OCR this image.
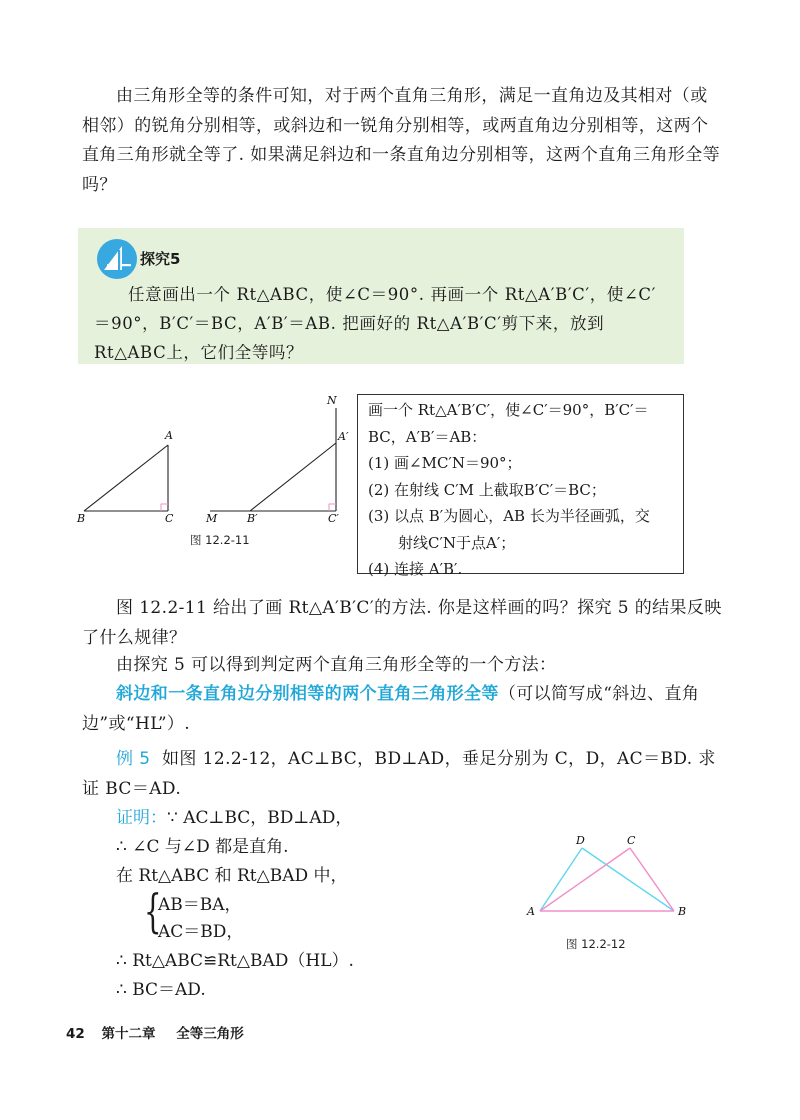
由三角形全等的条件可知，对于两个直角三角形，满足一直角边及其相对（或相邻）的锐角分别相等，或斜边和一锐角分别相等，或两直角边分别相等，这两个直角三角形就全等了. 如果满足斜边和一条直角边分别相等，这两个直角三角形全等吗？
探究5
任意画出一个 Rt△ABC，使∠C＝90°. 再画一个 Rt△A′B′C′，使∠C′＝90°，B′C′＝BC，A′B′＝AB. 把画好的 Rt△A′B′C′剪下来，放到 Rt△ABC上，它们全等吗？
A
B	C
N
A′
M	B′	C′
图 12.2-11
画一个 Rt△A′B′C′，使∠C′＝90°，B′C′＝
BC，A′B′＝AB：
(1) 画∠MC′N＝90°；
(2) 在射线 C′M 上截取B′C′＝BC；
(3) 以点 B′为圆心，AB 长为半径画弧，交
射线C′N于点A′；
(4) 连接 A′B′.
图 12.2-11 给出了画 Rt△A′B′C′的方法. 你是这样画的吗？探究 5 的结果反映了什么规律？
由探究 5 可以得到判定两个直角三角形全等的一个方法：
斜边和一条直角边分别相等的两个直角三角形全等（可以简写成“斜边、直角边”或“HL”）.
例 5 如图 12.2-12，AC⊥BC，BD⊥AD，垂足分别为 C，D，AC＝BD. 求证 BC＝AD.
证明：∵ AC⊥BC，BD⊥AD，
∴ ∠C 与∠D 都是直角.
在 Rt△ABC 和 Rt△BAD 中，
{
AB＝BA，
AC＝BD，
∴ Rt△ABC≌Rt△BAD（HL）.
∴ BC＝AD.
A	B
C
D
图 12.2-12
42 第十二章 全等三角形
